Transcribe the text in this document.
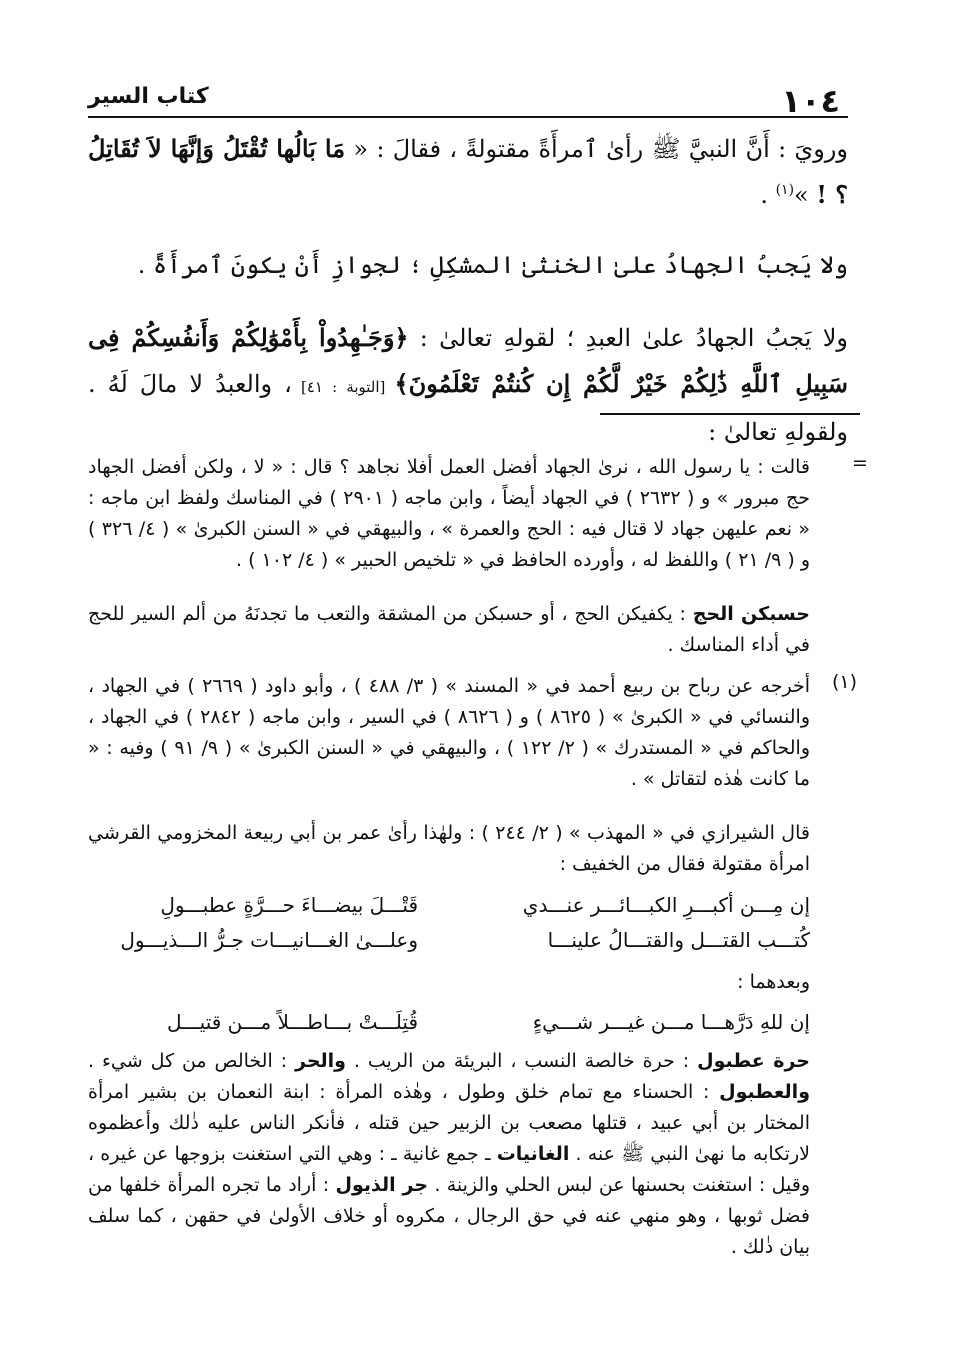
١٠٤
كتاب السير

ورويَ : أَنَّ النبيَّ ﷺ رأىٰ ٱمرأَةً مقتولةً ، فقالَ : « مَا بَالُها تُقْتَلُ وَإنَّهَا لاَ تُقَاتِلُ ؟ ! »$^{(١)}$ .

ولا يَجبُ الجهادُ علىٰ الخنثىٰ المشكِلِ ؛ لجوازِ أَنْ يكونَ ٱمرأَةً .

ولا يَجبُ الجهادُ علىٰ العبدِ ؛ لقولهِ تعالىٰ : ﴿وَجَـٰهِدُواْ بِأَمْوَٰلِكُمْ وَأَنفُسِكُمْ فِى سَبِيلِ ٱللَّهِ ذَٰلِكُمْ خَيْرٌ لَّكُمْ إِن كُنتُمْ تَعْلَمُونَ﴾ [التوبة : ٤١] ، والعبدُ لا مالَ لَهُ . ولقولهِ تعالىٰ :

=

قالت : يا رسول الله ، نرىٰ الجهاد أفضل العمل أفلا نجاهد ؟ قال : « لا ، ولكن أفضل الجهاد حج مبرور » و ( ٢٦٣٢ ) في الجهاد أيضاً ، وابن ماجه ( ٢٩٠١ ) في المناسك ولفظ ابن ماجه : « نعم عليهن جهاد لا قتال فيه : الحج والعمرة » ، والبيهقي في « السنن الكبرىٰ » ( ٤/ ٣٢٦ ) و ( ٩/ ٢١ ) واللفظ له ، وأورده الحافظ في « تلخيص الحبير » ( ٤/ ١٠٢ ) .

حسبكن الحج : يكفيكن الحج ، أو حسبكن من المشقة والتعب ما تجدنَهُ من ألم السير للحج في أداء المناسك .

(١)

أخرجه عن رباح بن ربيع أحمد في « المسند » ( ٣/ ٤٨٨ ) ، وأبو داود ( ٢٦٦٩ ) في الجهاد ، والنسائي في « الكبرىٰ » ( ٨٦٢٥ ) و ( ٨٦٢٦ ) في السير ، وابن ماجه ( ٢٨٤٢ ) في الجهاد ، والحاكم في « المستدرك » ( ٢/ ١٢٢ ) ، والبيهقي في « السنن الكبرىٰ » ( ٩/ ٩١ ) وفيه : « ما كانت هٰذه لتقاتل » .

قال الشيرازي في « المهذب » ( ٢/ ٢٤٤ ) : ولهٰذا رأىٰ عمر بن أبي ربيعة المخزومي القرشي امرأة مقتولة فقال من الخفيف :

إن مِـــن أكبـــرِ الكبـــائـــر عنـــدي
قَتْـــلَ بيضـــاءَ حـــرَّةٍ عطبـــولِ
كُتـــب القتـــل والقتـــالُ علينـــا
وعلـــىٰ الغـــانيـــات جـرُّ الـــذيـــول

وبعدهما :

إن للهِ دَرَّهـــا مـــن غيـــر شـــيءٍ
قُتِلَـــتْ بـــاطـــلاً مـــن قتيـــل

حرة عطبول : حرة خالصة النسب ، البريئة من الريب . والحر : الخالص من كل شيء . والعطبول : الحسناء مع تمام خلق وطول ، وهٰذه المرأة : ابنة النعمان بن بشير امرأة المختار بن أبي عبيد ، قتلها مصعب بن الزبير حين قتله ، فأنكر الناس عليه ذٰلك وأعظموه لارتكابه ما نهىٰ النبي ﷺ عنه . الغانيات ـ جمع غانية ـ : وهي التي استغنت بزوجها عن غيره ، وقيل : استغنت بحسنها عن لبس الحلي والزينة . جر الذيول : أراد ما تجره المرأة خلفها من فضل ثوبها ، وهو منهي عنه في حق الرجال ، مكروه أو خلاف الأولىٰ في حقهن ، كما سلف بيان ذٰلك .
